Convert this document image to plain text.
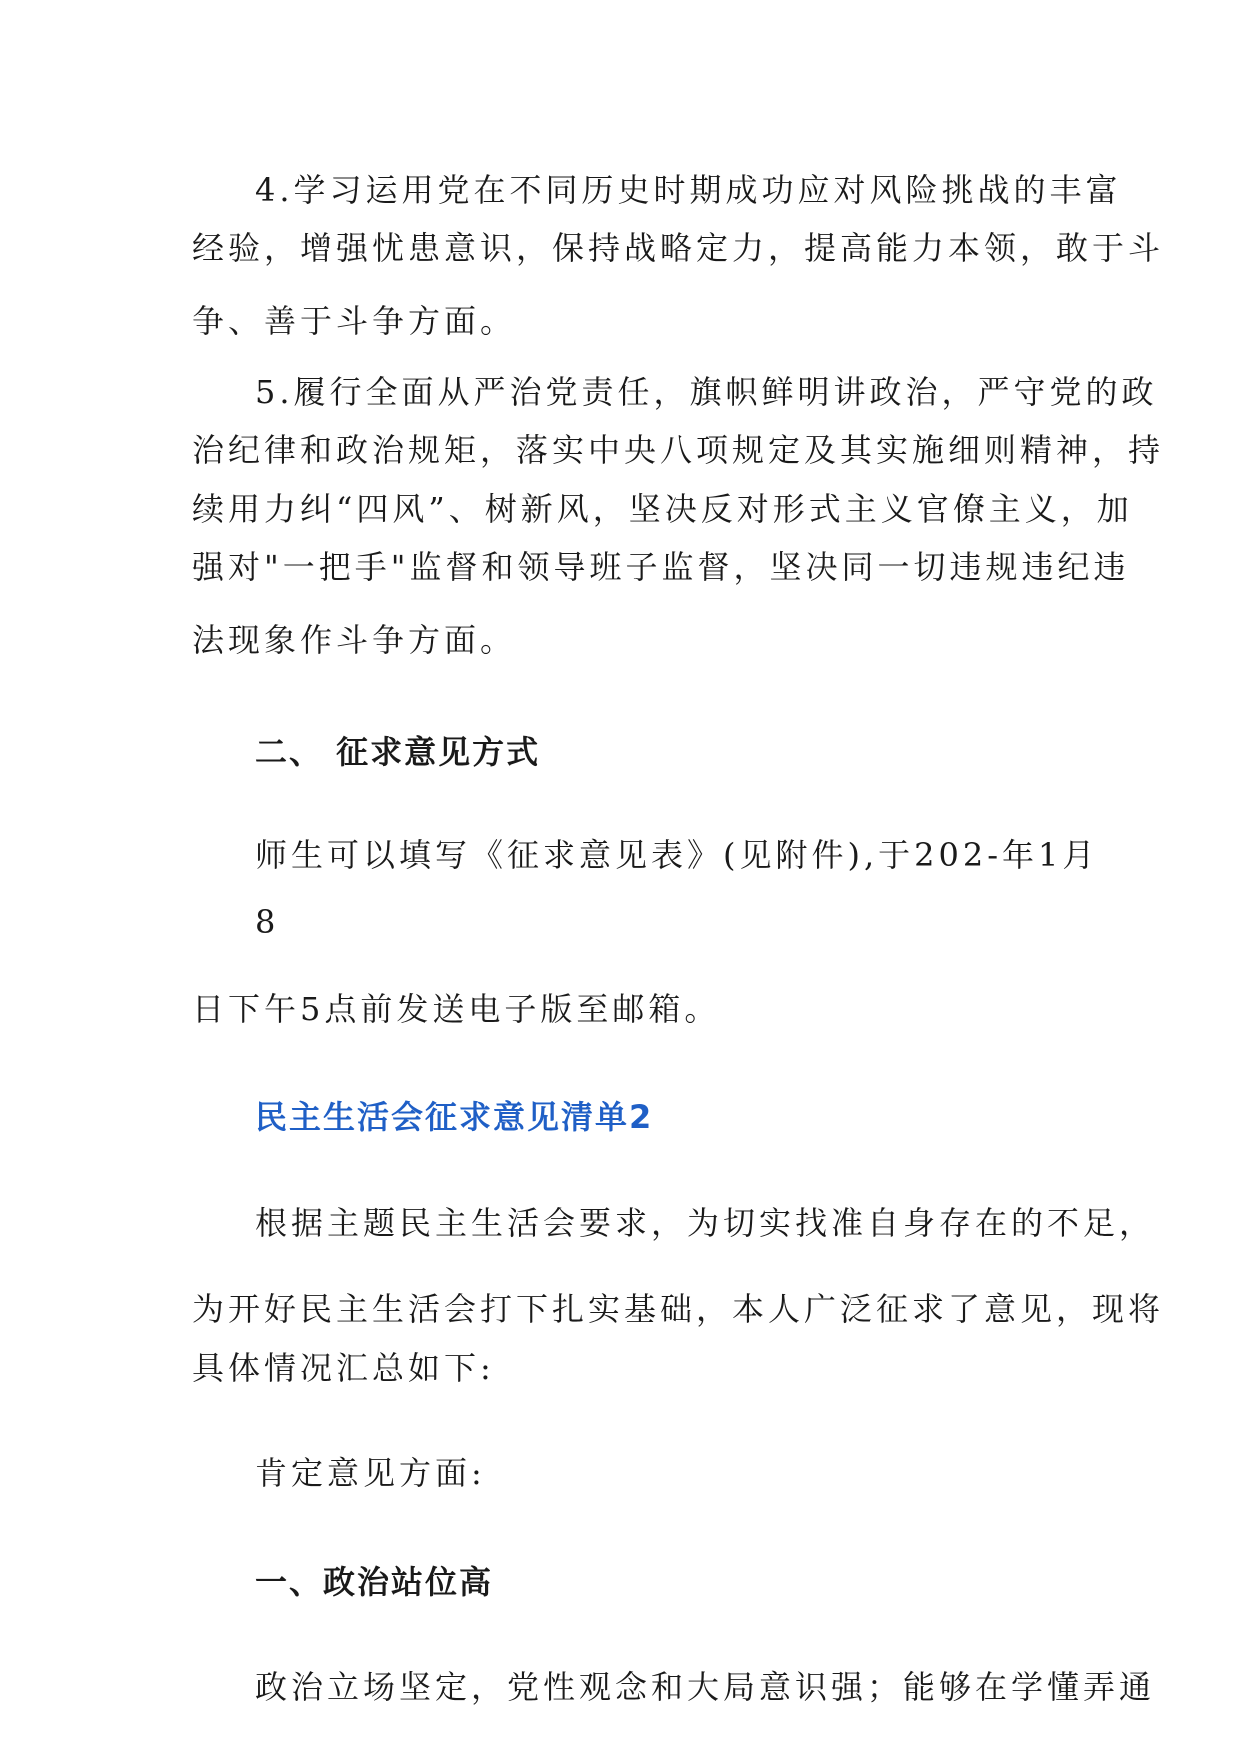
4.学习运用党在不同历史时期成功应对风险挑战的丰富
经验，增强忧患意识，保持战略定力，提高能力本领，敢于斗
争、善于斗争方面。
5.履行全面从严治党责任，旗帜鲜明讲政治，严守党的政
治纪律和政治规矩，落实中央八项规定及其实施细则精神，持
续用力纠“四风”、树新风，坚决反对形式主义官僚主义，加
强对"一把手"监督和领导班子监督，坚决同一切违规违纪违
法现象作斗争方面。
二、 征求意见方式
师生可以填写《征求意见表》(见附件),于202-年1月
8
日下午5点前发送电子版至邮箱。
民主生活会征求意见清单2
根据主题民主生活会要求，为切实找准自身存在的不足，
为开好民主生活会打下扎实基础，本人广泛征求了意见，现将
具体情况汇总如下:
肯定意见方面:
一、政治站位高
政治立场坚定，党性观念和大局意识强；能够在学懂弄通
